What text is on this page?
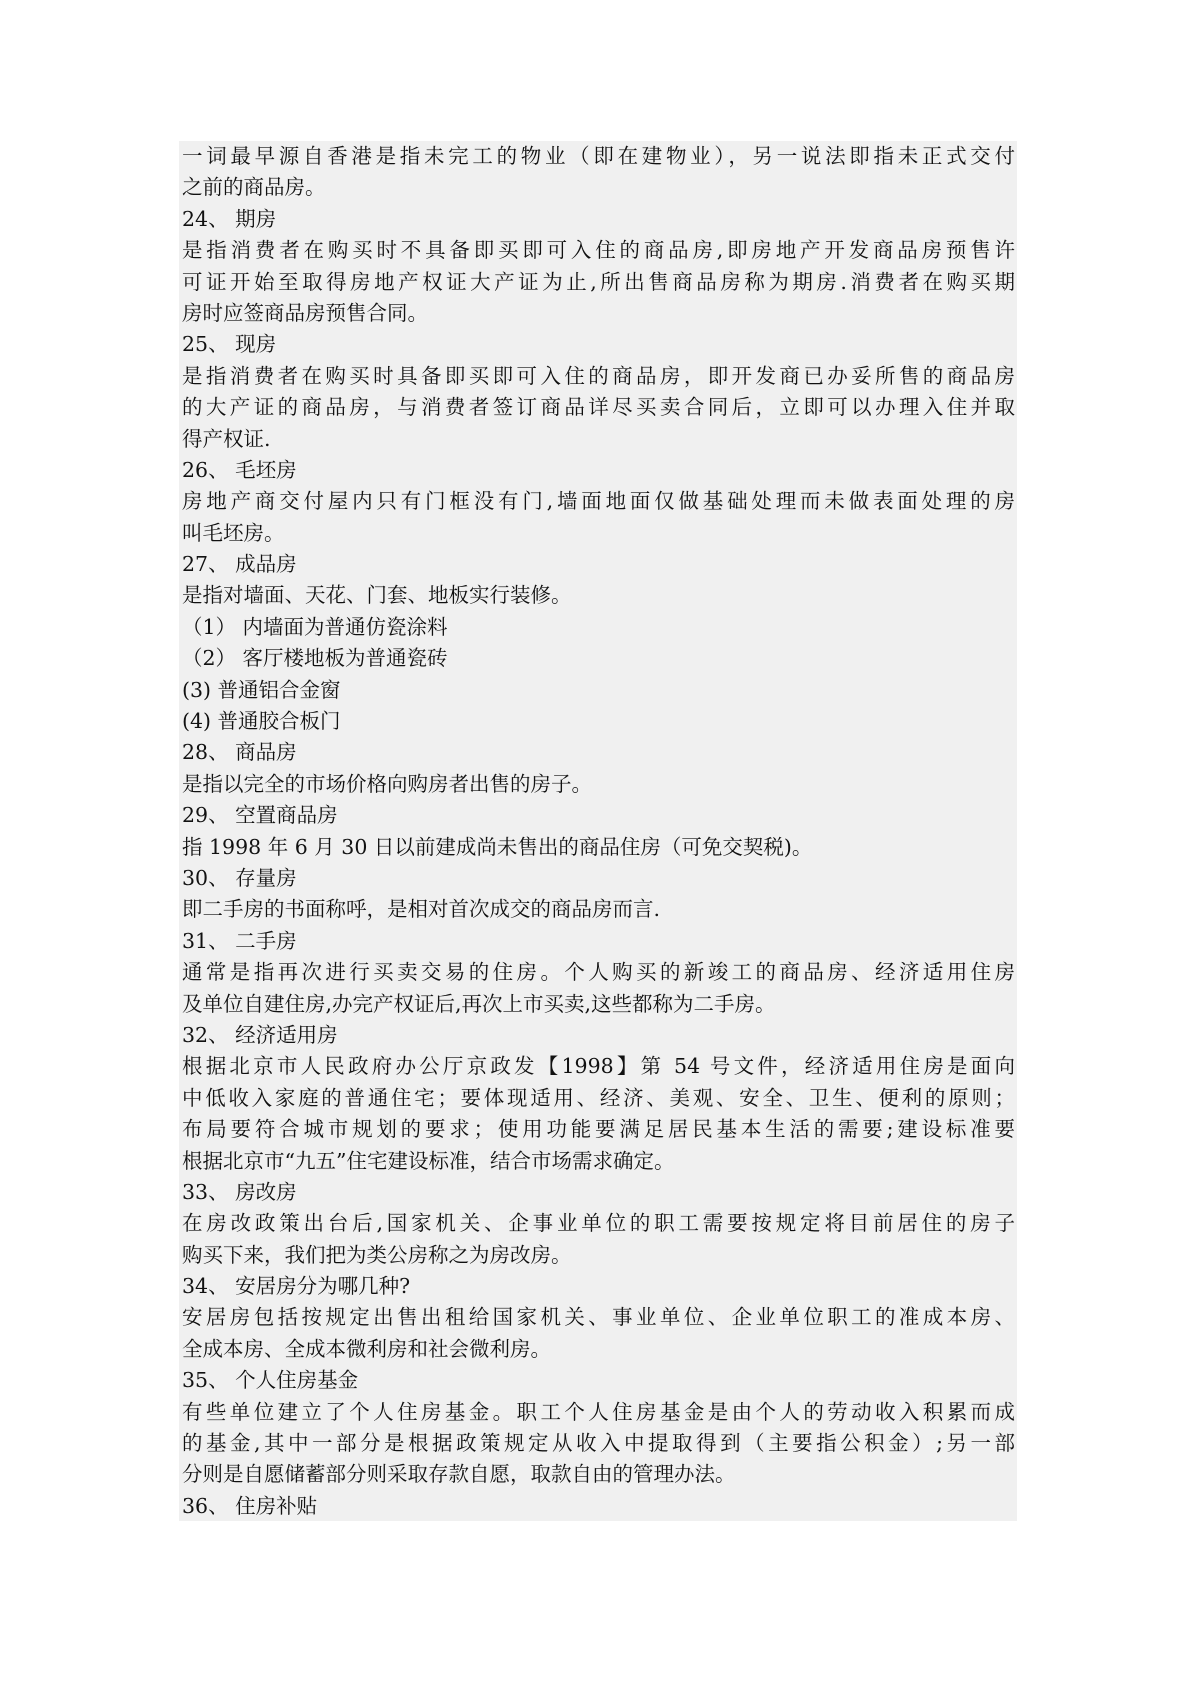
一词最早源自香港是指未完工的物业（即在建物业），另一说法即指未正式交付
之前的商品房。
24、 期房
是指消费者在购买时不具备即买即可入住的商品房,即房地产开发商品房预售许
可证开始至取得房地产权证大产证为止,所出售商品房称为期房.消费者在购买期
房时应签商品房预售合同。
25、 现房
是指消费者在购买时具备即买即可入住的商品房，即开发商已办妥所售的商品房
的大产证的商品房，与消费者签订商品详尽买卖合同后，立即可以办理入住并取
得产权证.
26、 毛坯房
房地产商交付屋内只有门框没有门,墙面地面仅做基础处理而未做表面处理的房
叫毛坯房。
27、 成品房
是指对墙面、天花、门套、地板实行装修。
（1） 内墙面为普通仿瓷涂料
（2） 客厅楼地板为普通瓷砖
(3) 普通铝合金窗
(4) 普通胶合板门
28、 商品房
是指以完全的市场价格向购房者出售的房子。
29、 空置商品房
指 1998 年 6 月 30 日以前建成尚未售出的商品住房（可免交契税)。
30、 存量房
即二手房的书面称呼，是相对首次成交的商品房而言.
31、 二手房
通常是指再次进行买卖交易的住房。个人购买的新竣工的商品房、经济适用住房
及单位自建住房,办完产权证后,再次上市买卖,这些都称为二手房。
32、 经济适用房
根据北京市人民政府办公厅京政发【1998】第 54 号文件，经济适用住房是面向
中低收入家庭的普通住宅；要体现适用、经济、美观、安全、卫生、便利的原则；
布局要符合城市规划的要求；使用功能要满足居民基本生活的需要;建设标准要
根据北京市“九五”住宅建设标准，结合市场需求确定。
33、 房改房
在房改政策出台后,国家机关、企事业单位的职工需要按规定将目前居住的房子
购买下来，我们把为类公房称之为房改房。
34、 安居房分为哪几种?
安居房包括按规定出售出租给国家机关、事业单位、企业单位职工的准成本房、
全成本房、全成本微利房和社会微利房。
35、 个人住房基金
有些单位建立了个人住房基金。职工个人住房基金是由个人的劳动收入积累而成
的基金,其中一部分是根据政策规定从收入中提取得到（主要指公积金）;另一部
分则是自愿储蓄部分则采取存款自愿，取款自由的管理办法。
36、 住房补贴
